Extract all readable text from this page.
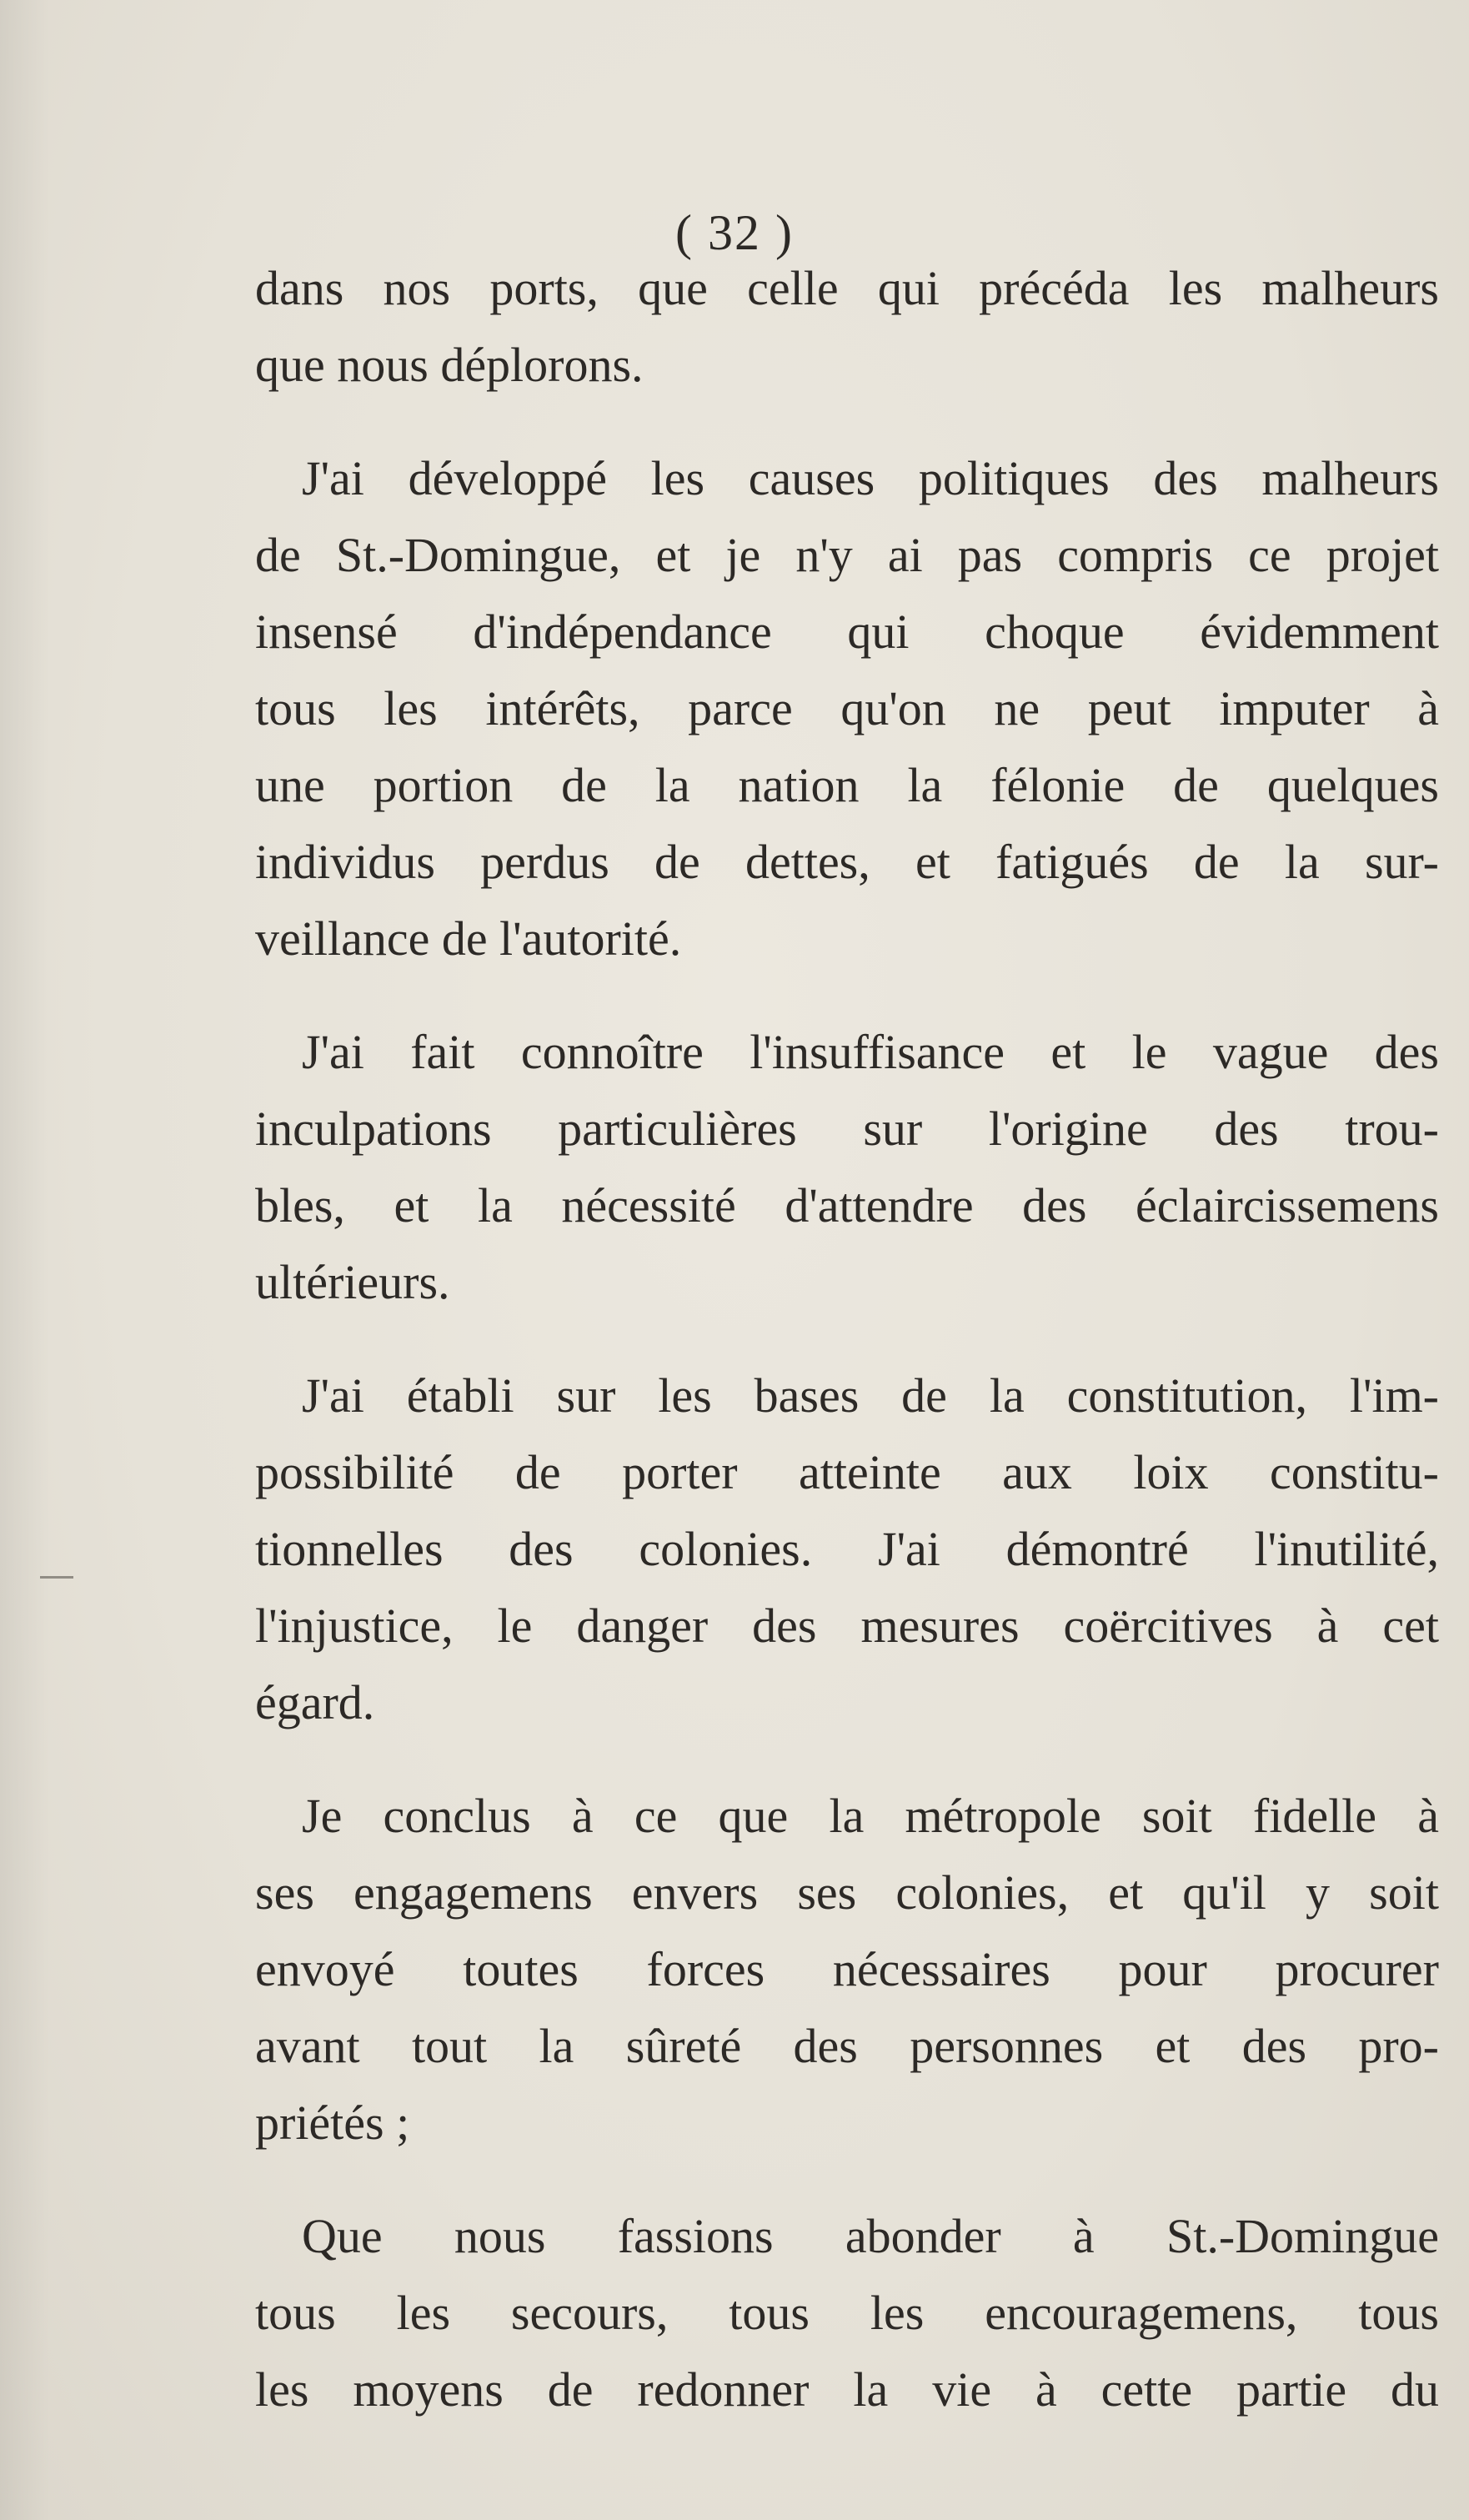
( 32 )
dans nos ports, que celle qui précéda les malheurs
que nous déplorons.
J'ai développé les causes politiques des malheurs
de St.-Domingue, et je n'y ai pas compris ce projet
insensé d'indépendance qui choque évidemment
tous les intérêts, parce qu'on ne peut imputer à
une portion de la nation la félonie de quelques
individus perdus de dettes, et fatigués de la sur-
veillance de l'autorité.
J'ai fait connoître l'insuffisance et le vague des
inculpations particulières sur l'origine des trou-
bles, et la nécessité d'attendre des éclaircissemens
ultérieurs.
J'ai établi sur les bases de la constitution, l'im-
possibilité de porter atteinte aux loix constitu-
tionnelles des colonies. J'ai démontré l'inutilité,
l'injustice, le danger des mesures coërcitives à cet
égard.
Je conclus à ce que la métropole soit fidelle à
ses engagemens envers ses colonies, et qu'il y soit
envoyé toutes forces nécessaires pour procurer
avant tout la sûreté des personnes et des pro-
priétés ;
Que nous fassions abonder à St.-Domingue
tous les secours, tous les encouragemens, tous
les moyens de redonner la vie à cette partie du
